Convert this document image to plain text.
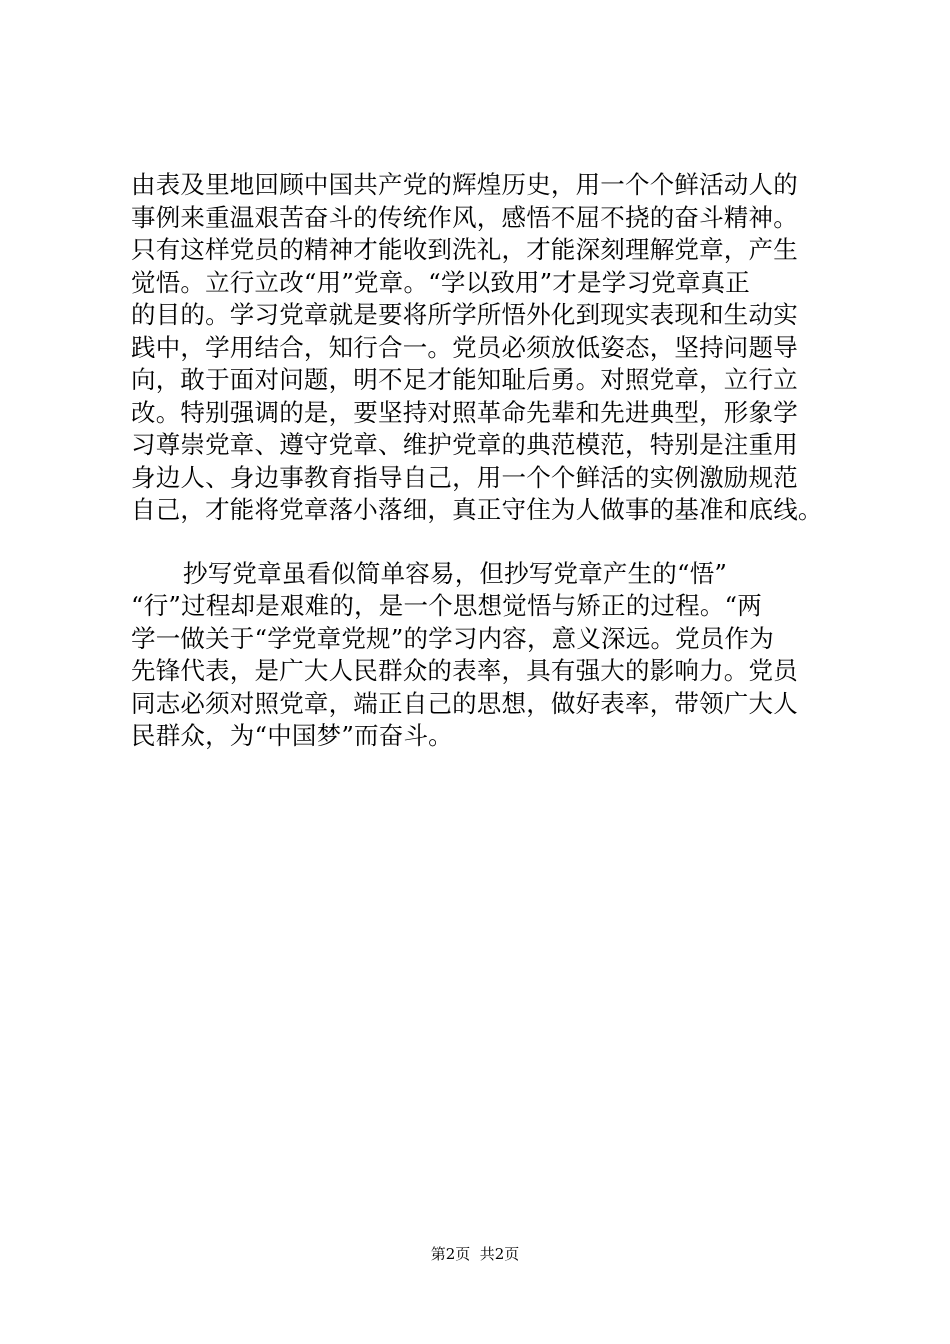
由表及里地回顾中国共产党的辉煌历史，用一个个鲜活动人的
事例来重温艰苦奋斗的传统作风，感悟不屈不挠的奋斗精神。
只有这样党员的精神才能收到洗礼，才能深刻理解党章，产生
觉悟。立行立改“用”党章。“学以致用”才是学习党章真正
的目的。学习党章就是要将所学所悟外化到现实表现和生动实
践中，学用结合，知行合一。党员必须放低姿态，坚持问题导
向，敢于面对问题，明不足才能知耻后勇。对照党章，立行立
改。特别强调的是，要坚持对照革命先辈和先进典型，形象学
习尊崇党章、遵守党章、维护党章的典范模范，特别是注重用
身边人、身边事教育指导自己，用一个个鲜活的实例激励规范
自己，才能将党章落小落细，真正守住为人做事的基准和底线。

抄写党章虽看似简单容易，但抄写党章产生的“悟”
“行”过程却是艰难的，是一个思想觉悟与矫正的过程。“两
学一做关于“学党章党规”的学习内容，意义深远。党员作为
先锋代表，是广大人民群众的表率，具有强大的影响力。党员
同志必须对照党章，端正自己的思想，做好表率，带领广大人
民群众，为“中国梦”而奋斗。

第2页  共2页
